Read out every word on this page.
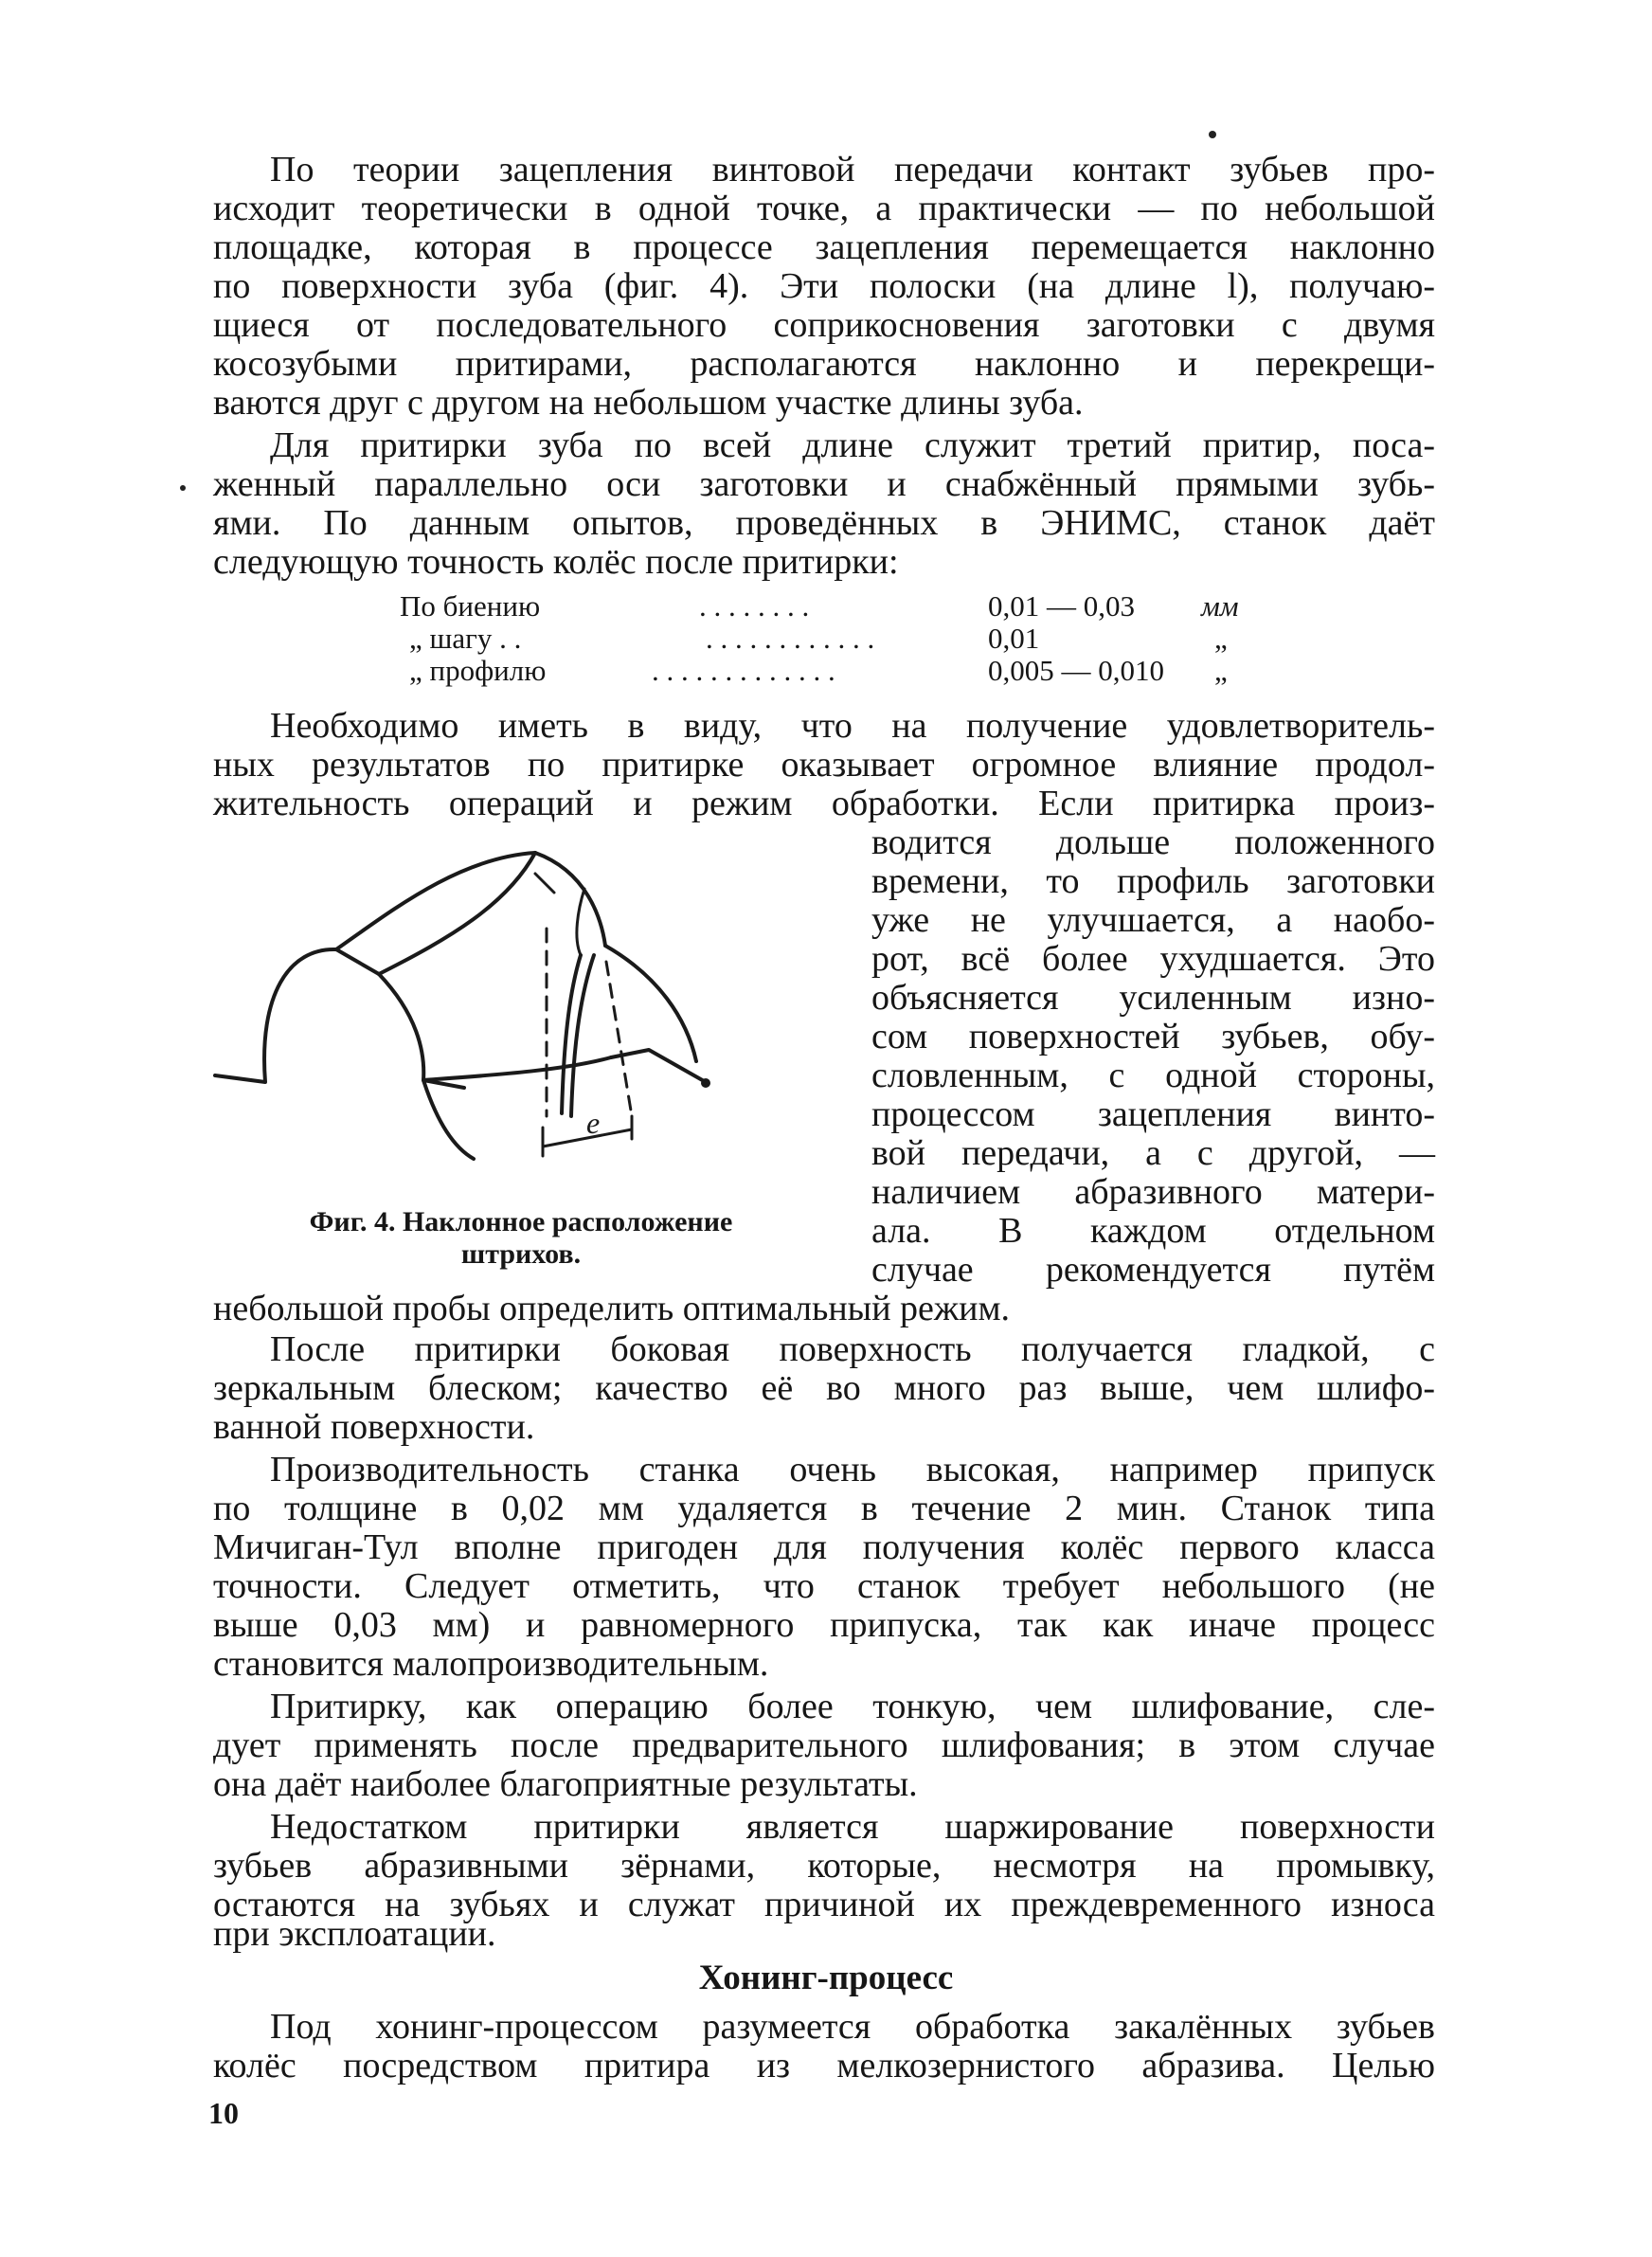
По теории зацепления винтовой передачи контакт зубьев про-
исходит теоретически в одной точке, а практически — по небольшой
площадке, которая в процессе зацепления перемещается наклонно
по поверхности зуба (фиг. 4). Эти полоски (на длине l), получаю-
щиеся от последовательного соприкосновения заготовки с двумя
косозубыми притирами, располагаются наклонно и перекрещи-
ваются друг с другом на небольшом участке длины зуба.
Для притирки зуба по всей длине служит третий притир, поса-
женный параллельно оси заготовки и снабжённый прямыми зубь-
ями. По данным опытов, проведённых в ЭНИМС, станок даёт
следующую точность колёс после притирки:
По биению	. . . . . . . .	0,01 — 0,03 мм
„ шагу . .	. . . . . . . . . . . .	0,01	„
„ профилю	. . . . . . . . . . . . .	0,005 — 0,010 „
Необходимо иметь в виду, что на получение удовлетворитель-
ных результатов по притирке оказывает огромное влияние продол-
жительность операций и режим обработки. Если притирка произ-
водится дольше положенного
времени, то профиль заготовки
уже не улучшается, а наобо-
рот, всё более ухудшается. Это
объясняется усиленным изно-
сом поверхностей зубьев, обу-
словленным, с одной стороны,
процессом зацепления винто-
вой передачи, а с другой, —
наличием абразивного матери-
ала. В каждом отдельном
случае рекомендуется путём
небольшой пробы определить оптимальный режим.
e
Фиг. 4. Наклонное расположение
штрихов.
После притирки боковая поверхность получается гладкой, с
зеркальным блеском; качество её во много раз выше, чем шлифо-
ванной поверхности.
Производительность станка очень высокая, например припуск
по толщине в 0,02 мм удаляется в течение 2 мин. Станок типа
Мичиган-Тул вполне пригоден для получения колёс первого класса
точности. Следует отметить, что станок требует небольшого (не
выше 0,03 мм) и равномерного припуска, так как иначе процесс
становится малопроизводительным.
Притирку, как операцию более тонкую, чем шлифование, сле-
дует применять после предварительного шлифования; в этом случае
она даёт наиболее благоприятные результаты.
Недостатком притирки является шаржирование поверхности
зубьев абразивными зёрнами, которые, несмотря на промывку,
остаются на зубьях и служат причиной их преждевременного износа
при эксплоатации.
Хонинг-процесс
Под хонинг-процессом разумеется обработка закалённых зубьев
колёс посредством притира из мелкозернистого абразива. Целью
10
